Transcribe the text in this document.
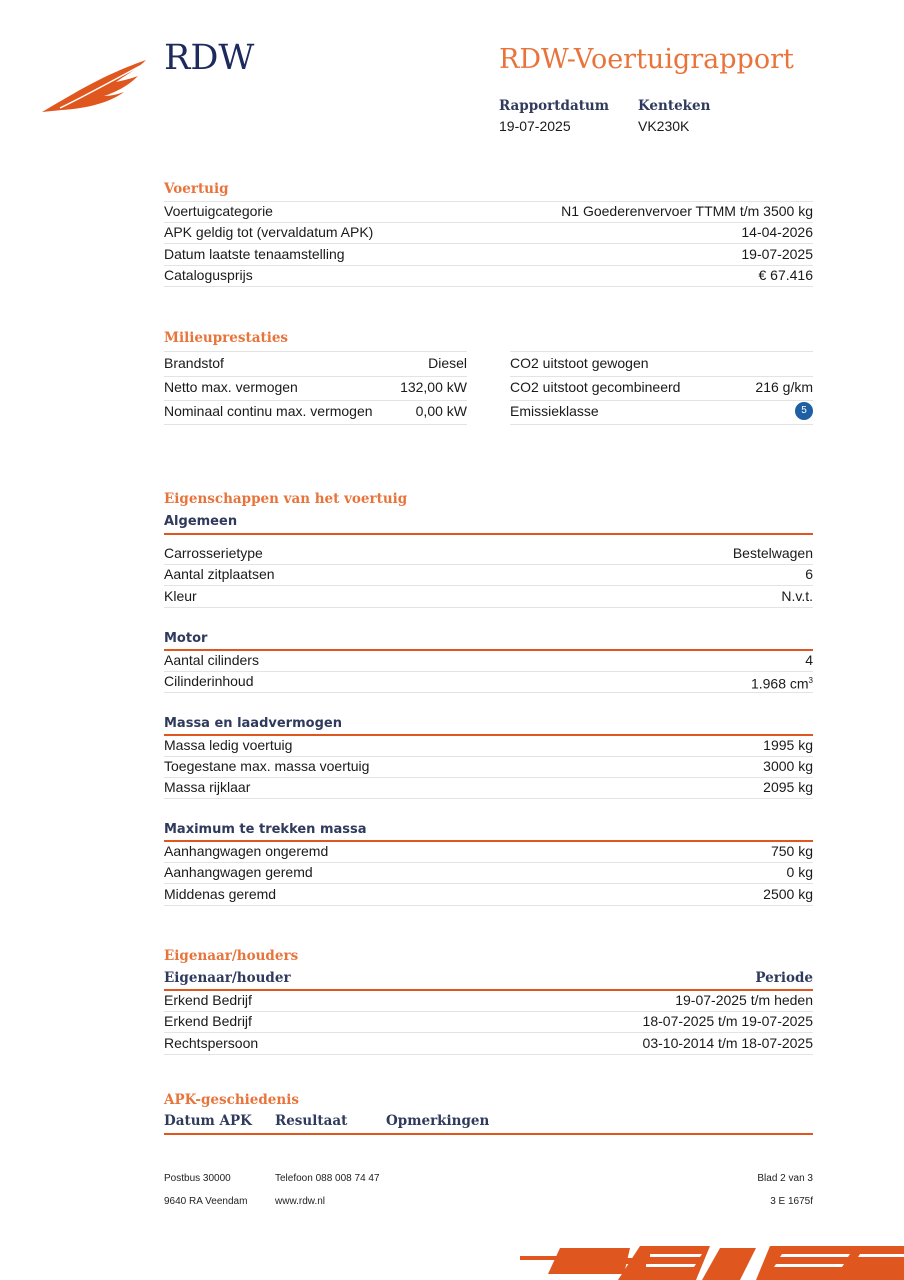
RDW	RDW-Voertuigrapport
Rapportdatum
19-07-2025
Kenteken
VK230K
Voertuig
Voertuigcategorie	N1 Goederenvervoer TTMM t/m 3500 kg
APK geldig tot (vervaldatum APK)	14-04-2026
Datum laatste tenaamstelling	19-07-2025
Catalogusprijs	€ 67.416
Milieuprestaties
Brandstof	Diesel
Netto max. vermogen	132,00 kW
Nominaal continu max. vermogen	0,00 kW
CO2 uitstoot gewogen
CO2 uitstoot gecombineerd	216 g/km
Emissieklasse	5
Eigenschappen van het voertuig
Algemeen
Carrosserietype	Bestelwagen
Aantal zitplaatsen	6
Kleur	N.v.t.
Motor
Aantal cilinders	4
Cilinderinhoud	1.968 $cm^3$
Massa en laadvermogen
Massa ledig voertuig	1995 kg
Toegestane max. massa voertuig	3000 kg
Massa rijklaar	2095 kg
Maximum te trekken massa
Aanhangwagen ongeremd	750 kg
Aanhangwagen geremd	0 kg
Middenas geremd	2500 kg
Eigenaar/houders
Eigenaar/houder	Periode
Erkend Bedrijf	19-07-2025 t/m heden
Erkend Bedrijf	18-07-2025 t/m 19-07-2025
Rechtspersoon	03-10-2014 t/m 18-07-2025
APK-geschiedenis
Datum APK Resultaat	Opmerkingen
Postbus 30000
9640 RA Veendam
Telefoon 088 008 74 47
www.rdw.nl
Blad 2 van 3
3 E 1675f
